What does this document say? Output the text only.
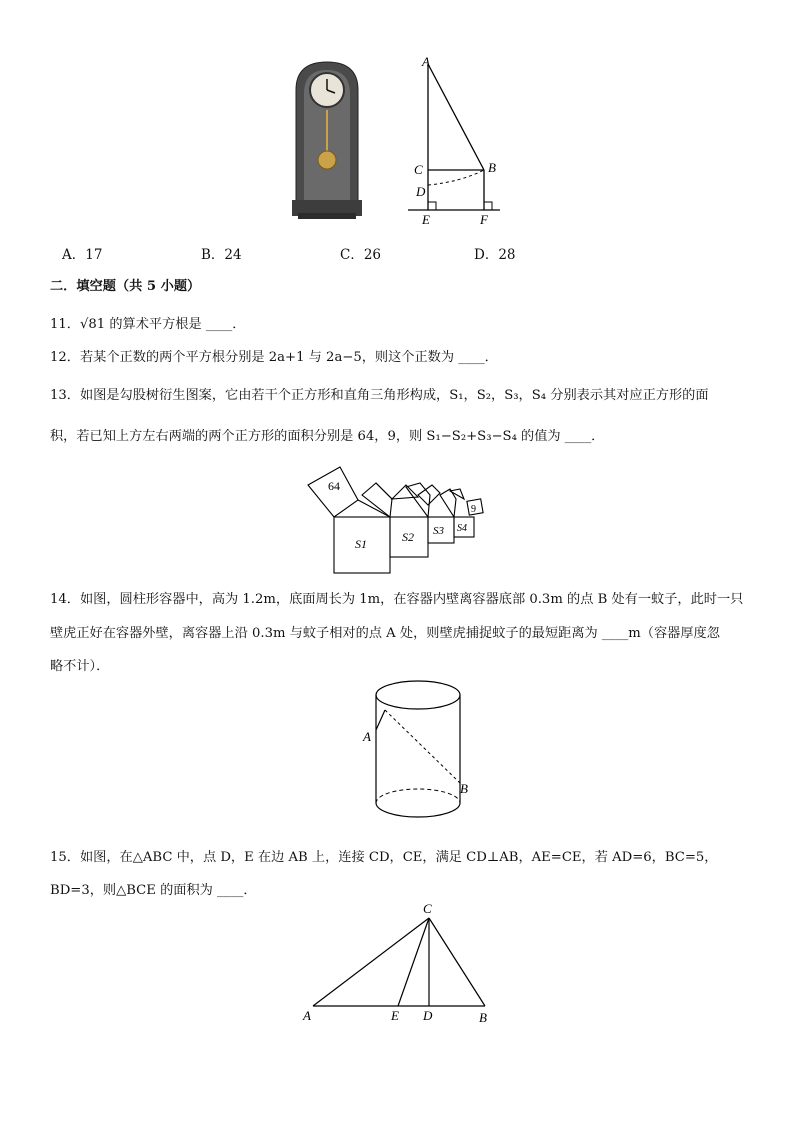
A
C	B
D
E	F
A．17	B．24	C．26	D．28
二．填空题（共 5 小题）
11．√81 的算术平方根是 ____．
12．若某个正数的两个平方根分别是 2a+1 与 2a−5，则这个正数为 ____．
13．如图是勾股树衍生图案，它由若干个正方形和直角三角形构成，S₁，S₂，S₃，S₄ 分别表示其对应正方形的面
积，若已知上方左右两端的两个正方形的面积分别是 64，9，则 S₁−S₂+S₃−S₄ 的值为 ____．
64
9
S1	S2 S3 S4
14．如图，圆柱形容器中，高为 1.2m，底面周长为 1m，在容器内壁离容器底部 0.3m 的点 B 处有一蚊子，此时一只
壁虎正好在容器外壁，离容器上沿 0.3m 与蚊子相对的点 A 处，则壁虎捕捉蚊子的最短距离为 ____m（容器厚度忽
略不计）．
A
B
15．如图，在△ABC 中，点 D，E 在边 AB 上，连接 CD，CE，满足 CD⊥AB，AE=CE，若 AD=6，BC=5，
BD=3，则△BCE 的面积为 ____．
C
A	E D	B
